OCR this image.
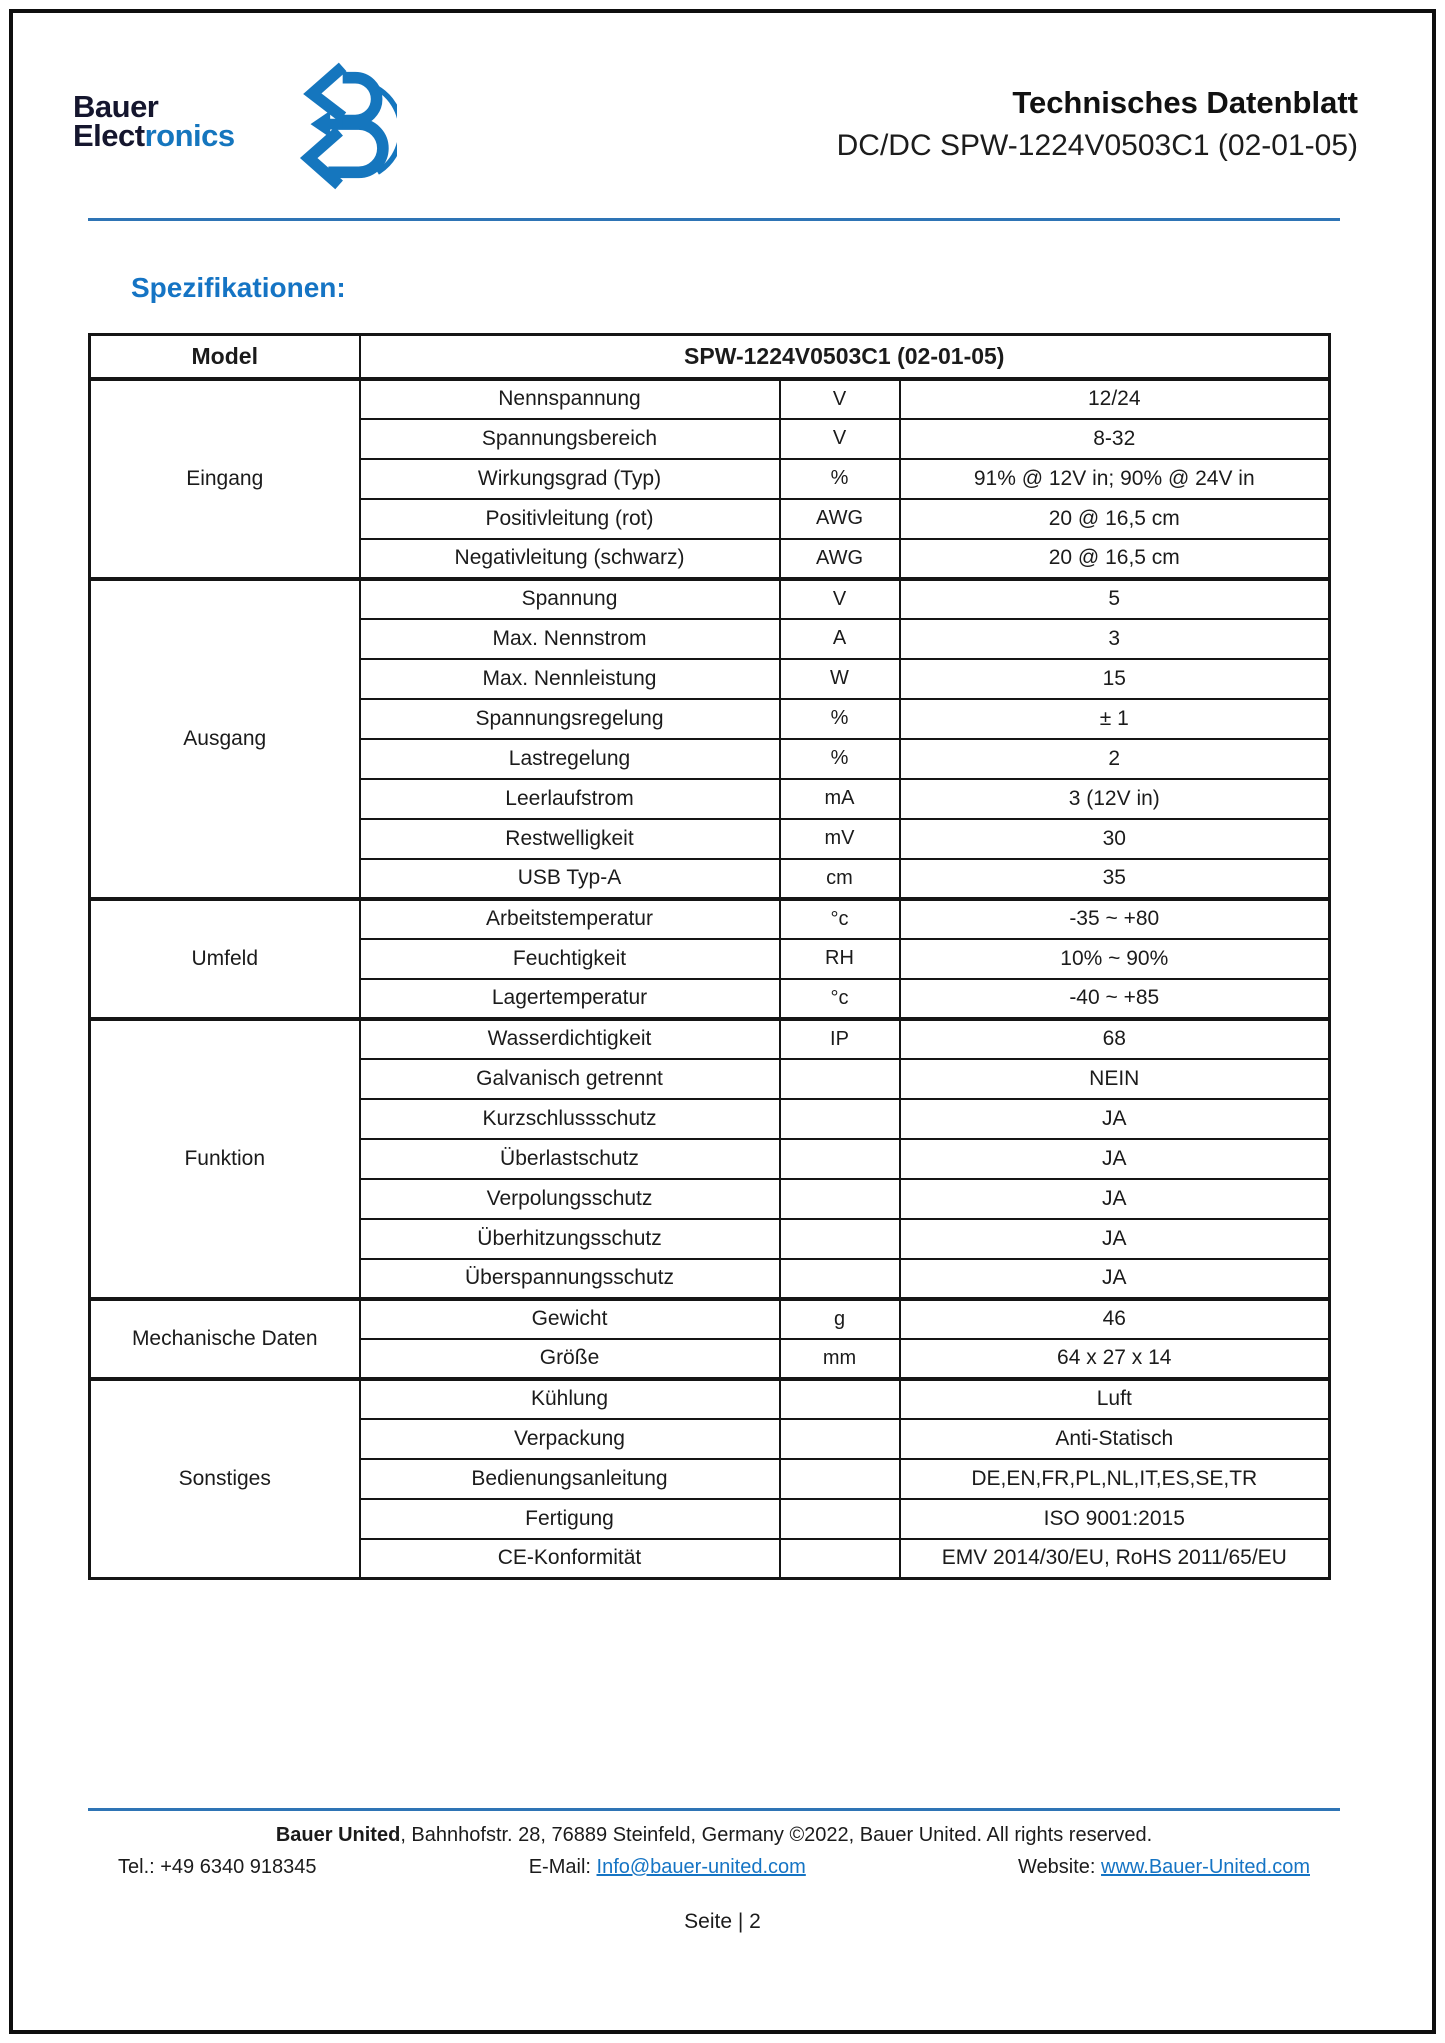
Bauer
Electronics
Technisches Datenblatt
DC/DC SPW-1224V0503C1 (02-01-05)
Spezifikationen:
Model	SPW-1224V0503C1 (02-01-05)		
Eingang	Nennspannung	V	12/24
	Spannungsbereich	V	8-32
	Wirkungsgrad (Typ)	%	91% @ 12V in; 90% @ 24V in
	Positivleitung (rot)	AWG	20 @ 16,5 cm
	Negativleitung (schwarz)	AWG	20 @ 16,5 cm
Ausgang	Spannung	V	5
	Max. Nennstrom	A	3
	Max. Nennleistung	W	15
	Spannungsregelung	%	± 1
	Lastregelung	%	2
	Leerlaufstrom	mA	3 (12V in)
	Restwelligkeit	mV	30
	USB Typ-A	cm	35
Umfeld	Arbeitstemperatur	°c	-35 ~ +80
	Feuchtigkeit	RH	10% ~ 90%
	Lagertemperatur	°c	-40 ~ +85
Funktion	Wasserdichtigkeit	IP	68
	Galvanisch getrennt		NEIN
	Kurzschlussschutz		JA
	Überlastschutz		JA
	Verpolungsschutz		JA
	Überhitzungsschutz		JA
	Überspannungsschutz		JA
Mechanische Daten	Gewicht	g	46
	Größe	mm	64 x 27 x 14
Sonstiges	Kühlung		Luft
	Verpackung		Anti-Statisch
	Bedienungsanleitung		DE,EN,FR,PL,NL,IT,ES,SE,TR
	Fertigung		ISO 9001:2015
	CE-Konformität		EMV 2014/30/EU, RoHS 2011/65/EU
Bauer United, Bahnhofstr. 28, 76889 Steinfeld, Germany ©2022, Bauer United. All rights reserved.
Tel.: +49 6340 918345	E-Mail: Info@bauer-united.com	Website: www.Bauer-United.com
Seite | 2
